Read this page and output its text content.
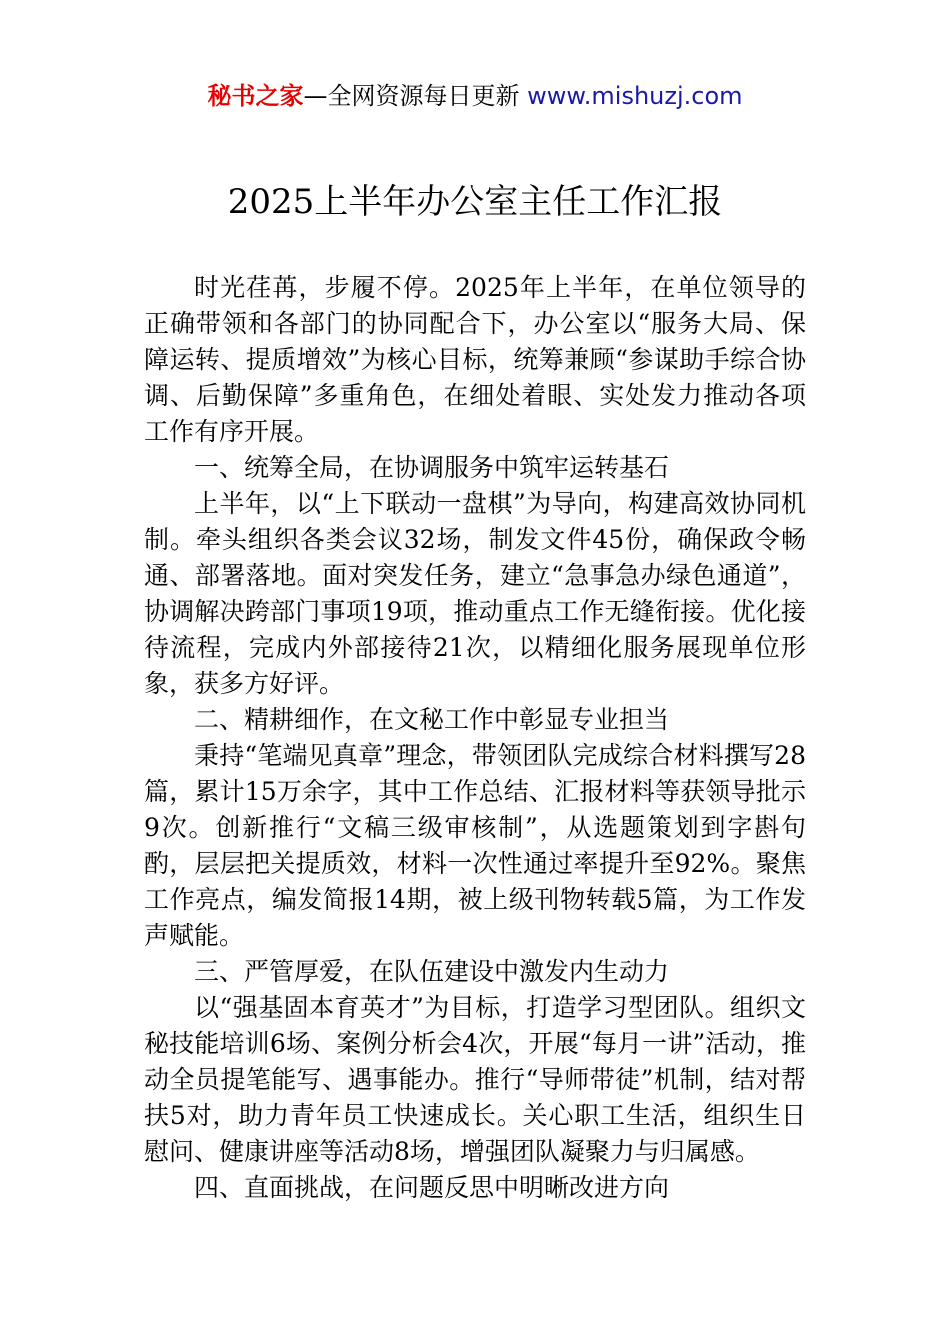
秘书之家—全网资源每日更新 www.mishuzj.com
2025上半年办公室主任工作汇报

时光荏苒，步履不停。2025年上半年，在单位领导的正确带领和各部门的协同配合下，办公室以“服务大局、保障运转、提质增效”为核心目标，统筹兼顾“参谋助手综合协调、后勤保障”多重角色，在细处着眼、实处发力推动各项工作有序开展。

一、统筹全局，在协调服务中筑牢运转基石

上半年，以“上下联动一盘棋”为导向，构建高效协同机制。牵头组织各类会议32场，制发文件45份，确保政令畅通、部署落地。面对突发任务，建立“急事急办绿色通道”，协调解决跨部门事项19项，推动重点工作无缝衔接。优化接待流程，完成内外部接待21次，以精细化服务展现单位形象，获多方好评。

二、精耕细作，在文秘工作中彰显专业担当

秉持“笔端见真章”理念，带领团队完成综合材料撰写28篇，累计15万余字，其中工作总结、汇报材料等获领导批示9次。创新推行“文稿三级审核制”，从选题策划到字斟句酌，层层把关提质效，材料一次性通过率提升至92%。聚焦工作亮点，编发简报14期，被上级刊物转载5篇，为工作发声赋能。

三、严管厚爱，在队伍建设中激发内生动力

以“强基固本育英才”为目标，打造学习型团队。组织文秘技能培训6场、案例分析会4次，开展“每月一讲”活动，推动全员提笔能写、遇事能办。推行“导师带徒”机制，结对帮扶5对，助力青年员工快速成长。关心职工生活，组织生日慰问、健康讲座等活动8场，增强团队凝聚力与归属感。

四、直面挑战，在问题反思中明晰改进方向
